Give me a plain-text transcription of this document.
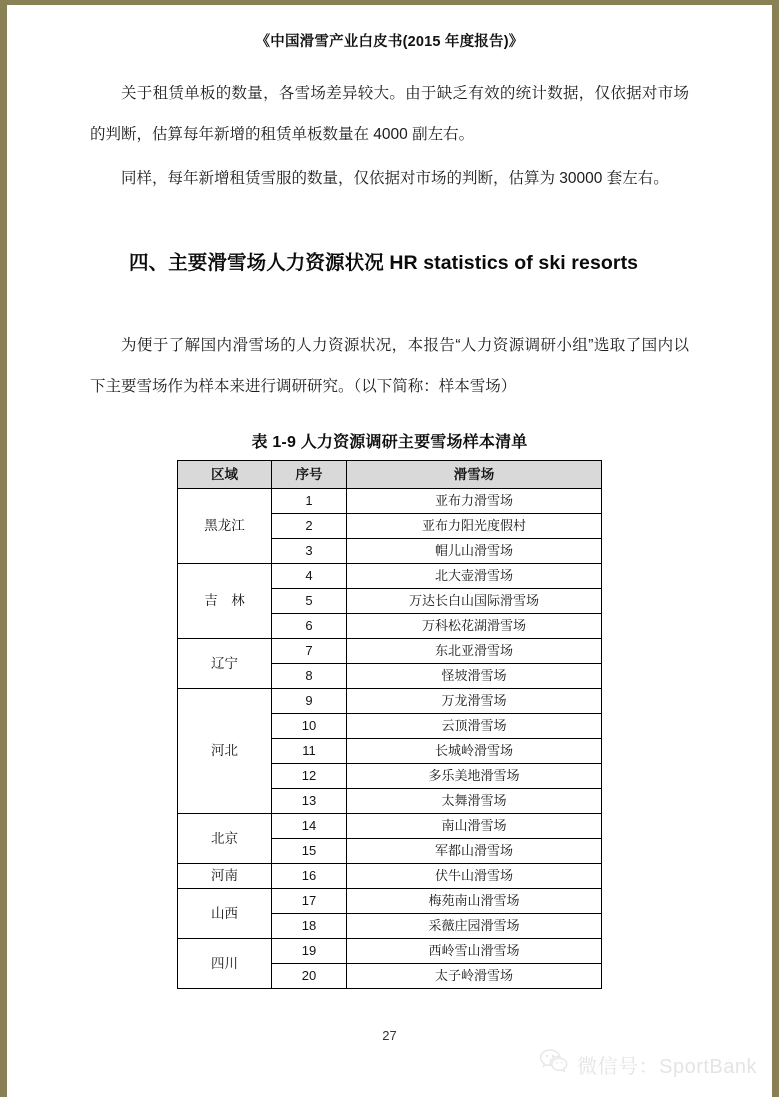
《中国滑雪产业白皮书(2015 年度报告)》

关于租赁单板的数量，各雪场差异较大。由于缺乏有效的统计数据，仅依据对市场的判断，估算每年新增的租赁单板数量在 4000 副左右。

同样，每年新增租赁雪服的数量，仅依据对市场的判断，估算为 30000 套左右。

四、主要滑雪场人力资源状况 HR statistics of ski resorts

为便于了解国内滑雪场的人力资源状况，本报告“人力资源调研小组”选取了国内以下主要雪场作为样本来进行调研研究。（以下简称：样本雪场）

表 1-9 人力资源调研主要雪场样本清单
区域	序号	滑雪场
黑龙江	1	亚布力滑雪场
	2	亚布力阳光度假村
	3	帽儿山滑雪场
吉　林	4	北大壶滑雪场
	5	万达长白山国际滑雪场
	6	万科松花湖滑雪场
辽宁	7	东北亚滑雪场
	8	怪坡滑雪场
河北	9	万龙滑雪场
	10	云顶滑雪场
	11	长城岭滑雪场
	12	多乐美地滑雪场
	13	太舞滑雪场
北京	14	南山滑雪场
	15	军都山滑雪场
河南	16	伏牛山滑雪场
山西	17	梅苑南山滑雪场
	18	采薇庄园滑雪场
四川	19	西岭雪山滑雪场
	20	太子岭滑雪场
27
微信号：SportBank
